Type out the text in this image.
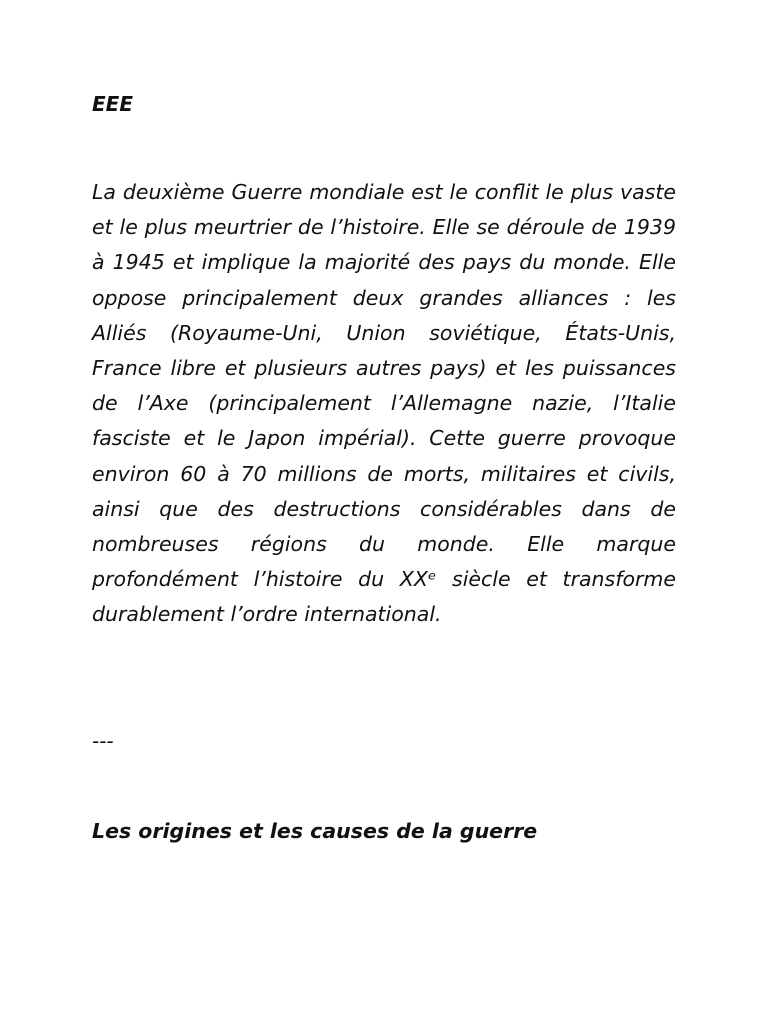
EEE

La deuxième Guerre mondiale est le conflit le plus vaste et le plus meurtrier de l’histoire. Elle se déroule de 1939 à 1945 et implique la majorité des pays du monde. Elle oppose principalement deux grandes alliances : les Alliés (Royaume-Uni, Union soviétique, États-Unis, France libre et plusieurs autres pays) et les puissances de l’Axe (principalement l’Allemagne nazie, l’Italie fasciste et le Japon impérial). Cette guerre provoque environ 60 à 70 millions de morts, militaires et civils, ainsi que des destructions considérables dans de nombreuses régions du monde. Elle marque profondément l’histoire du XXᵉ siècle et transforme durablement l’ordre international.

---

Les origines et les causes de la guerre
